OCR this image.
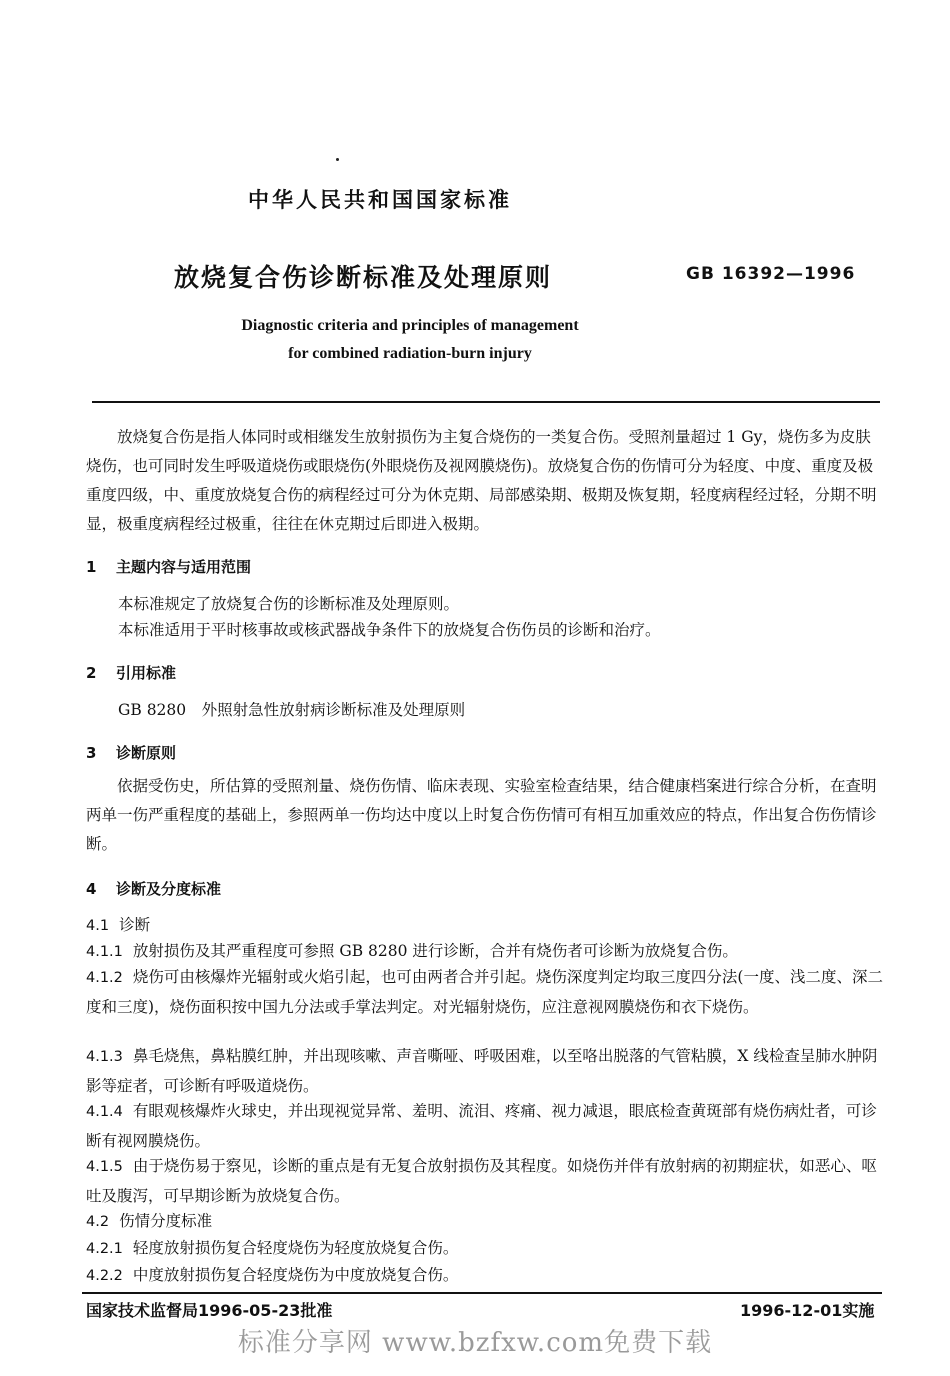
中华人民共和国国家标准
放烧复合伤诊断标准及处理原则	GB 16392—1996
Diagnostic criteria and principles of management
for combined radiation-burn injury

放烧复合伤是指人体同时或相继发生放射损伤为主复合烧伤的一类复合伤。受照剂量超过 1 Gy，烧伤多为皮肤烧伤，也可同时发生呼吸道烧伤或眼烧伤(外眼烧伤及视网膜烧伤)。放烧复合伤的伤情可分为轻度、中度、重度及极重度四级，中、重度放烧复合伤的病程经过可分为休克期、局部感染期、极期及恢复期，轻度病程经过轻，分期不明显，极重度病程经过极重，往往在休克期过后即进入极期。

1 主题内容与适用范围

本标准规定了放烧复合伤的诊断标准及处理原则。

本标准适用于平时核事故或核武器战争条件下的放烧复合伤伤员的诊断和治疗。

2 引用标准

GB 8280　外照射急性放射病诊断标准及处理原则

3 诊断原则

依据受伤史，所估算的受照剂量、烧伤伤情、临床表现、实验室检查结果，结合健康档案进行综合分析，在查明两单一伤严重程度的基础上，参照两单一伤均达中度以上时复合伤伤情可有相互加重效应的特点，作出复合伤伤情诊断。

4 诊断及分度标准

4.1 诊断

4.1.1 放射损伤及其严重程度可参照 GB 8280 进行诊断，合并有烧伤者可诊断为放烧复合伤。

4.1.2 烧伤可由核爆炸光辐射或火焰引起，也可由两者合并引起。烧伤深度判定均取三度四分法(一度、浅二度、深二度和三度)，烧伤面积按中国九分法或手掌法判定。对光辐射烧伤，应注意视网膜烧伤和衣下烧伤。

4.1.3 鼻毛烧焦，鼻粘膜红肿，并出现咳嗽、声音嘶哑、呼吸困难，以至咯出脱落的气管粘膜，X 线检查呈肺水肿阴影等症者，可诊断有呼吸道烧伤。

4.1.4 有眼观核爆炸火球史，并出现视觉异常、羞明、流泪、疼痛、视力减退，眼底检查黄斑部有烧伤病灶者，可诊断有视网膜烧伤。

4.1.5 由于烧伤易于察见，诊断的重点是有无复合放射损伤及其程度。如烧伤并伴有放射病的初期症状，如恶心、呕吐及腹泻，可早期诊断为放烧复合伤。

4.2 伤情分度标准

4.2.1 轻度放射损伤复合轻度烧伤为轻度放烧复合伤。

4.2.2 中度放射损伤复合轻度烧伤为中度放烧复合伤。

国家技术监督局1996-05-23批准	1996-12-01实施
标准分享网 www.bzfxw.com免费下载
